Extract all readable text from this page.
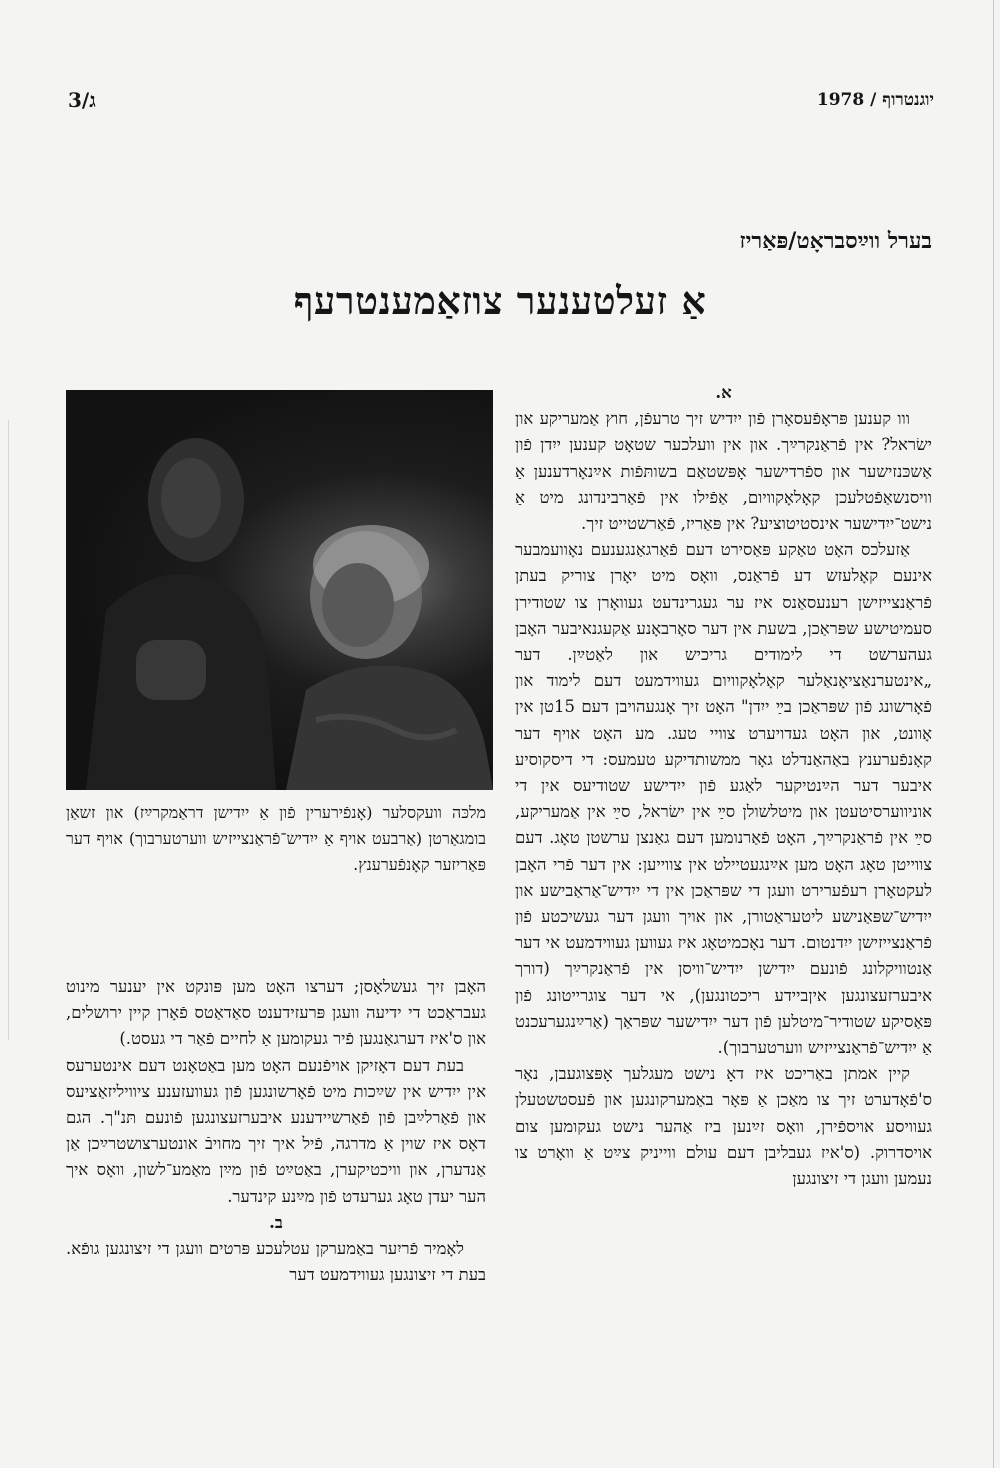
ג/3	יוגנטרוף / 1978
בערל ווײַסבראָט/פּאַריז
אַ זעלטענער צוזאַמענטרעף
מלכּה וועקסלער (אָנפֿירערין פֿון אַ ייִדישן דראַמקרײַז) און זשאַן בומגאַרטן (אַרבעט אויף אַ ייִדיש־פֿראַנצייזיש ווערטערבוך) אויף דער פּאַריזער קאָנפֿערענץ.

א.

ווו קענען פּראָפֿעסאָרן פֿון ייִדיש זיך טרעפֿן, חוץ אַמעריקע און ישׂראל? אין פֿראַנקרײַך. און אין וועלכער שטאָט קענען ייִדן פֿון אַשכּנזישער און ספֿרדישער אָפּשטאַם בשותּפֿות אײַנאָרדענען אַ וויסנשאַפֿטלעכן קאָלאָקוויום, אַפֿילו אין פֿאַרבינדונג מיט אַ נישט־ייִדישער אינסטיטוציע? אין פּאַריז, פֿאַרשטייט זיך.

אַזעלכס האָט טאַקע פּאַסירט דעם פֿאַרגאַנגענעם נאָוועמבער אינעם קאָלעזש דע פֿראַנס, וואָס מיט יאָרן צוריק בעתן פֿראַנצייזישן רענעסאַנס איז ער געגרינדעט געוואָרן צו שטודירן סעמיטישע שפּראַכן, בשעת אין דער סאָרבאָנע אַקעגנאיבער האָבן געהערשט די לימודים גריכיש און לאַטײַן. דער „אינטערנאַציאָנאַלער קאָלאָקוויום געווידמעט דעם לימוד און פֿאָרשונג פֿון שפּראַכן בײַ ייִדן" האָט זיך אָנגעהויבן דעם 15טן אין אָוונט, און האָט געדויערט צוויי טעג. מע האָט אויף דער קאָנפֿערענץ באַהאַנדלט גאָר ממשותדיקע טעמעס: די דיסקוסיע איבער דער הײַנטיקער לאַגע פֿון ייִדישע שטודיעס אין די אוניווערסיטעטן און מיטלשולן סײַ אין ישׂראל, סײַ אין אַמעריקע, סײַ אין פֿראַנקרײַך, האָט פֿאַרנומען דעם גאַנצן ערשטן טאָג. דעם צווייטן טאָג האָט מען אײַנגעטיילט אין צווייען: אין דער פֿרי האָבן לעקטאָרן רעפֿערירט וועגן די שפּראַכן אין די ייִדיש־אַראַבישע און ייִדיש־שפּאַנישע ליטעראַטורן, און אויך וועגן דער געשיכטע פֿון פֿראַנצייזישן ייִדנטום. דער נאָכמיטאָג איז געווען געווידמעט אי דער אַנטוויקלונג פֿונעם ייִדישן ייִדיש־וויסן אין פֿראַנקרײַך (דורך איבערזעצונגען איןביידע ריכטונגען), אי דער צוגרייטונג פֿון פּאַסיקע שטודיר־מיטלען פֿון דער ייִדישער שפּראַך (אַרײַנגערעכנט אַ ייִדיש־פֿראַנצייזיש ווערטערבוך).

קיין אמתן באַריכט איז דאָ נישט מעגלעך אָפּצוגעבן, נאָר ס'פֿאָדערט זיך צו מאַכן אַ פּאָר באַמערקונגען און פֿעסטשטעלן געוויסע אויספֿירן, וואָס זײַנען ביז אַהער נישט געקומען צום אויסדרוק. (ס'איז געבליבן דעם עולם ווייניק צײַט אַ וואָרט צו נעמען וועגן די זיצונגען

האָבן זיך געשלאָסן; דערצו האָט מען פּונקט אין יענער מינוט געבראַכט די ידיעה וועגן פּרעזידענט סאַדאַטס פֿאָרן קיין ירושלים, און ס'איז דערגאַנגען פֿיר געקומען אַ לחיים פֿאַר די געסט.)

בעת דעם דאָזיקן אויפֿנעם האָט מען באַטאָנט דעם אינטערעס אין ייִדיש אין שײַכות מיט פֿאָרשונגען פֿון געוועזענע ציוויליזאַציעס און פֿאַרלײַבן פֿון פֿאַרשיידענע איבערזעצונגען פֿונעם תּנ"ך. הגם דאָס איז שוין אַ מדרגה, פֿיל איך זיך מחויבֿ אונטערצושטרײַכן אַן אַנדערן, און וויכטיקערן, באַטײַט פֿון מײַן מאַמע־לשון, וואָס איך הער יעדן טאָג גערעדט פֿון מײַנע קינדער.

ב.

לאָמיר פֿריִער באַמערקן עטלעכע פּרטים וועגן די זיצונגען גופֿא. בעת די זיצונגען געווידמעט דער
